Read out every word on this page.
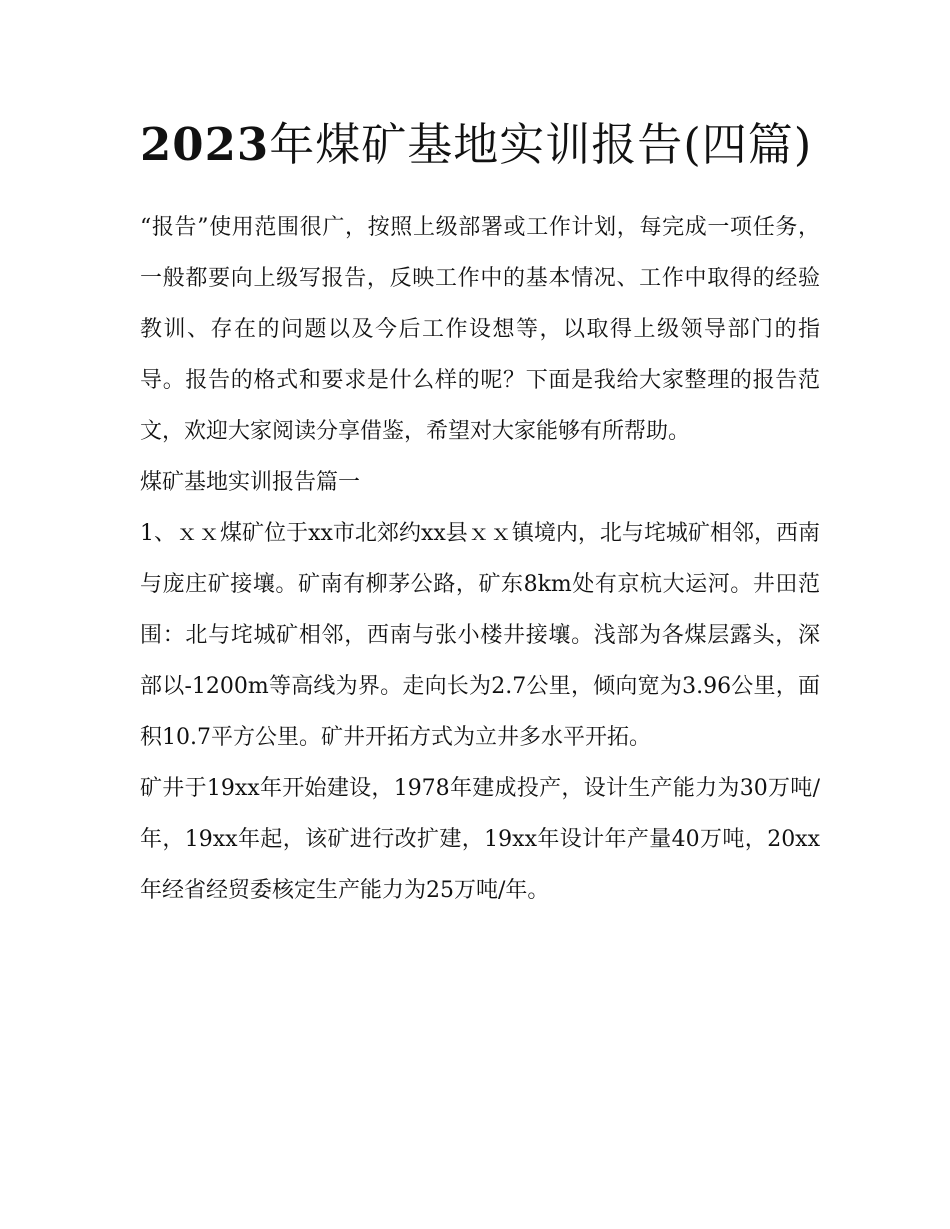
2023年煤矿基地实训报告(四篇)

“报告”使用范围很广，按照上级部署或工作计划，每完成一项任务，一般都要向上级写报告，反映工作中的基本情况、工作中取得的经验教训、存在的问题以及今后工作设想等，以取得上级领导部门的指导。报告的格式和要求是什么样的呢？下面是我给大家整理的报告范文，欢迎大家阅读分享借鉴，希望对大家能够有所帮助。

煤矿基地实训报告篇一

1、ｘｘ煤矿位于xx市北郊约xx县ｘｘ镇境内，北与垞城矿相邻，西南与庞庄矿接壤。矿南有柳茅公路，矿东8km处有京杭大运河。井田范围：北与垞城矿相邻，西南与张小楼井接壤。浅部为各煤层露头，深部以-1200m等高线为界。走向长为2.7公里，倾向宽为3.96公里，面积10.7平方公里。矿井开拓方式为立井多水平开拓。

矿井于19xx年开始建设，1978年建成投产，设计生产能力为30万吨/年，19xx年起，该矿进行改扩建，19xx年设计年产量40万吨，20xx年经省经贸委核定生产能力为25万吨/年。
